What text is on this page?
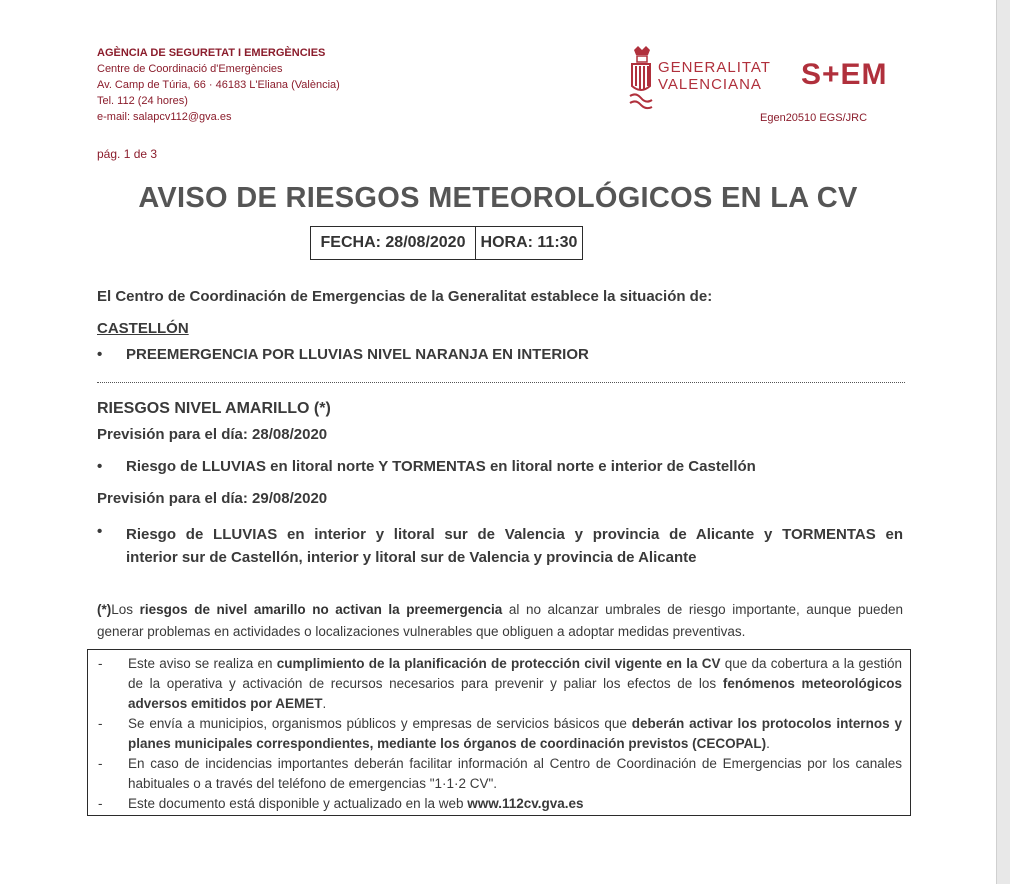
AGÈNCIA DE SEGURETAT I EMERGÈNCIES
Centre de Coordinació d'Emergències
Av. Camp de Túria, 66 · 46183 L'Eliana (València)
Tel. 112 (24 hores)
e-mail: salapcv112@gva.es
GENERALITAT
VALENCIANA	S+EM
Egen20510 EGS/JRC
pág. 1 de 3
AVISO DE RIESGOS METEOROLÓGICOS EN LA CV
FECHA: 28/08/2020 HORA: 11:30
El Centro de Coordinación de Emergencias de la Generalitat establece la situación de:
CASTELLÓN
• PREEMERGENCIA POR LLUVIAS NIVEL NARANJA EN INTERIOR
RIESGOS NIVEL AMARILLO (*)
Previsión para el día: 28/08/2020
• Riesgo de LLUVIAS en litoral norte Y TORMENTAS en litoral norte e interior de Castellón
Previsión para el día: 29/08/2020
• Riesgo de LLUVIAS en interior y litoral sur de Valencia y provincia de Alicante y TORMENTAS en
interior sur de Castellón, interior y litoral sur de Valencia y provincia de Alicante
(*)Los riesgos de nivel amarillo no activan la preemergencia al no alcanzar umbrales de riesgo importante, aunque pueden generar problemas en actividades o localizaciones vulnerables que obliguen a adoptar medidas preventivas.
- Este aviso se realiza en cumplimiento de la planificación de protección civil vigente en la CV que da cobertura a la gestión de la operativa y activación de recursos necesarios para prevenir y paliar los efectos de los fenómenos meteorológicos adversos emitidos por AEMET.
- Se envía a municipios, organismos públicos y empresas de servicios básicos que deberán activar los protocolos internos y planes municipales correspondientes, mediante los órganos de coordinación previstos (CECOPAL).
- En caso de incidencias importantes deberán facilitar información al Centro de Coordinación de Emergencias por los canales habituales o a través del teléfono de emergencias "1·1·2 CV".
- Este documento está disponible y actualizado en la web www.112cv.gva.es
